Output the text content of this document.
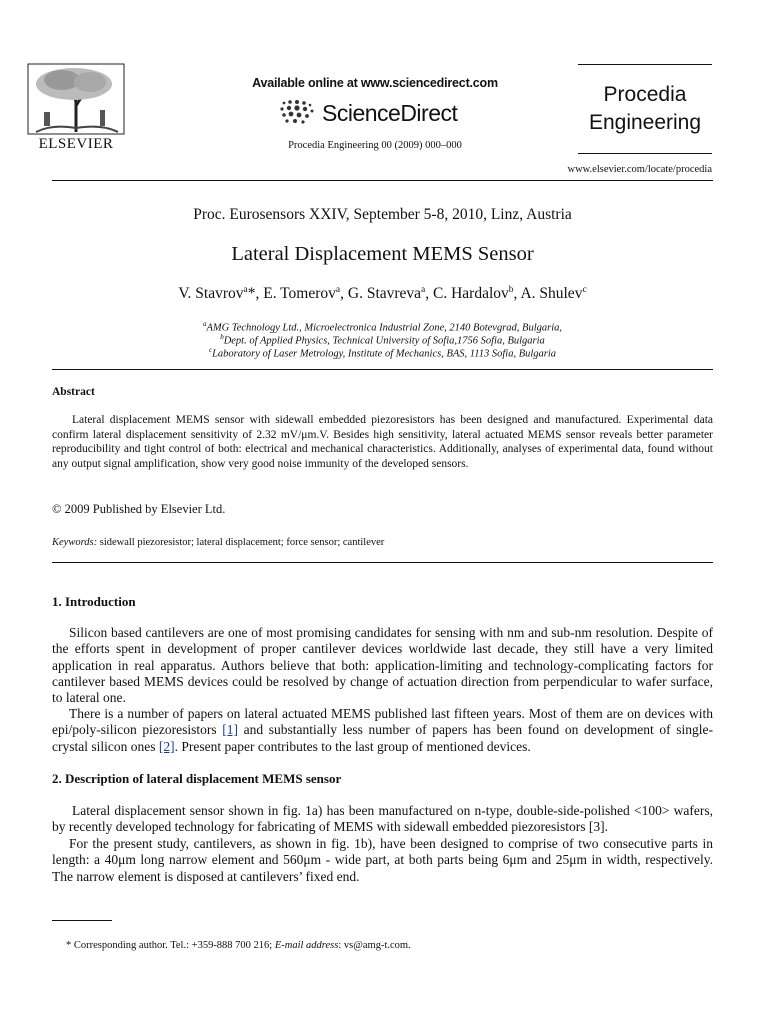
ELSEVIER
Available online at www.sciencedirect.com
ScienceDirect
Procedia Engineering 00 (2009) 000–000
Procedia
Engineering
www.elsevier.com/locate/procedia
Proc. Eurosensors XXIV, September 5-8, 2010, Linz, Austria
Lateral Displacement MEMS Sensor
V. Stavrov$^a$*, E. Tomerov$^a$, G. Stavreva$^a$, C. Hardalov$^b$, A. Shulev$^c$
$^a$AMG Technology Ltd., Microelectronica Industrial Zone, 2140 Botevgrad, Bulgaria,
$^b$Dept. of Applied Physics, Technical University of Sofia,1756 Sofia, Bulgaria
$^c$Laboratory of Laser Metrology, Institute of Mechanics, BAS, 1113 Sofia, Bulgaria
Abstract
Lateral displacement MEMS sensor with sidewall embedded piezoresistors has been designed and manufactured. Experimental data confirm lateral displacement sensitivity of 2.32 mV/μm.V. Besides high sensitivity, lateral actuated MEMS sensor reveals better parameter reproducibility and tight control of both: electrical and mechanical characteristics. Additionally, analyses of experimental data, found without any output signal amplification, show very good noise immunity of the developed sensors.
© 2009 Published by Elsevier Ltd.
Keywords: sidewall piezoresistor; lateral displacement; force sensor; cantilever
1. Introduction
Silicon based cantilevers are one of most promising candidates for sensing with nm and sub-nm resolution. Despite of the efforts spent in development of proper cantilever devices worldwide last decade, they still have a very limited application in real apparatus. Authors believe that both: application-limiting and technology-complicating factors for cantilever based MEMS devices could be resolved by change of actuation direction from perpendicular to wafer surface, to lateral one.
There is a number of papers on lateral actuated MEMS published last fifteen years. Most of them are on devices with epi/poly-silicon piezoresistors [1] and substantially less number of papers has been found on development of single-crystal silicon ones [2]. Present paper contributes to the last group of mentioned devices.
2. Description of lateral displacement MEMS sensor
Lateral displacement sensor shown in fig. 1a) has been manufactured on n-type, double-side-polished <100> wafers, by recently developed technology for fabricating of MEMS with sidewall embedded piezoresistors [3].
For the present study, cantilevers, as shown in fig. 1b), have been designed to comprise of two consecutive parts in length: a 40μm long narrow element and 560μm - wide part, at both parts being 6μm and 25μm in width, respectively. The narrow element is disposed at cantilevers’ fixed end.
* Corresponding author. Tel.: +359-888 700 216; E-mail address: vs@amg-t.com.
